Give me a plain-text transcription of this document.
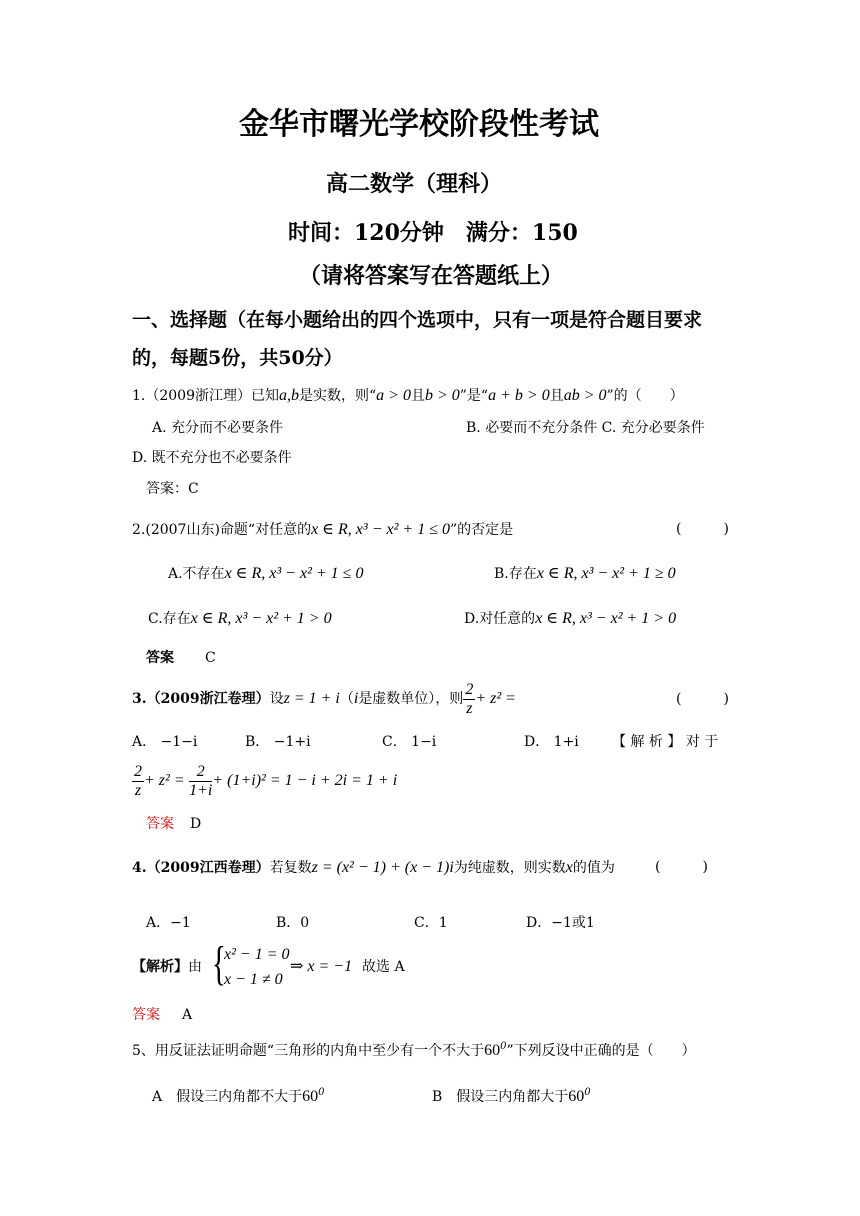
金华市曙光学校阶段性考试
高二数学（理科）
时间：120分钟　满分：150
（请将答案写在答题纸上）
一、选择题（在每小题给出的四个选项中，只有一项是符合题目要求
的，每题5份，共50分）
1.（2009浙江理）已知a,b是实数，则“a > 0且b > 0”是“a + b > 0且ab > 0”的（　　）
A. 充分而不必要条件	B. 必要而不充分条件 C. 充分必要条件
D. 既不充分也不必要条件
答案：C
2.(2007山东)命题“对任意的x ∈ R, x³ − x² + 1 ≤ 0”的否定是	(　　　)
A.不存在x ∈ R, x³ − x² + 1 ≤ 0	B.存在x ∈ R, x³ − x² + 1 ≥ 0
C.存在x ∈ R, x³ − x² + 1 > 0	D.对任意的x ∈ R, x³ − x² + 1 > 0
答案 C
3.（2009浙江卷理）设z = 1 + i（i是虚数单位），则 $\frac{2}{z} + z^2$ =	(　　　)
A． −1−i	B． −1+i	C． 1−i	D． 1+i 【 解 析 】 对 于
$\frac{2}{z} + z^2 = \frac{2}{1+i} + (1+i)^2 = 1 - i + 2i = 1 + i$
答案 D
4.（2009江西卷理）若复数z = (x² − 1) + (x − 1)i为纯虚数，则实数x的值为	(　　　)
A．−1	B．0	C．1	D．−1或1
【解析】由 {
x² − 1 = 0
x − 1 ≠ 0
⇒ x = −1 故选 A
答案 A
5、用反证法证明命题“三角形的内角中至少有一个不大于$60^0$”下列反设中正确的是（　　）
A　假设三内角都不大于$60^0$	B　假设三内角都大于$60^0$
